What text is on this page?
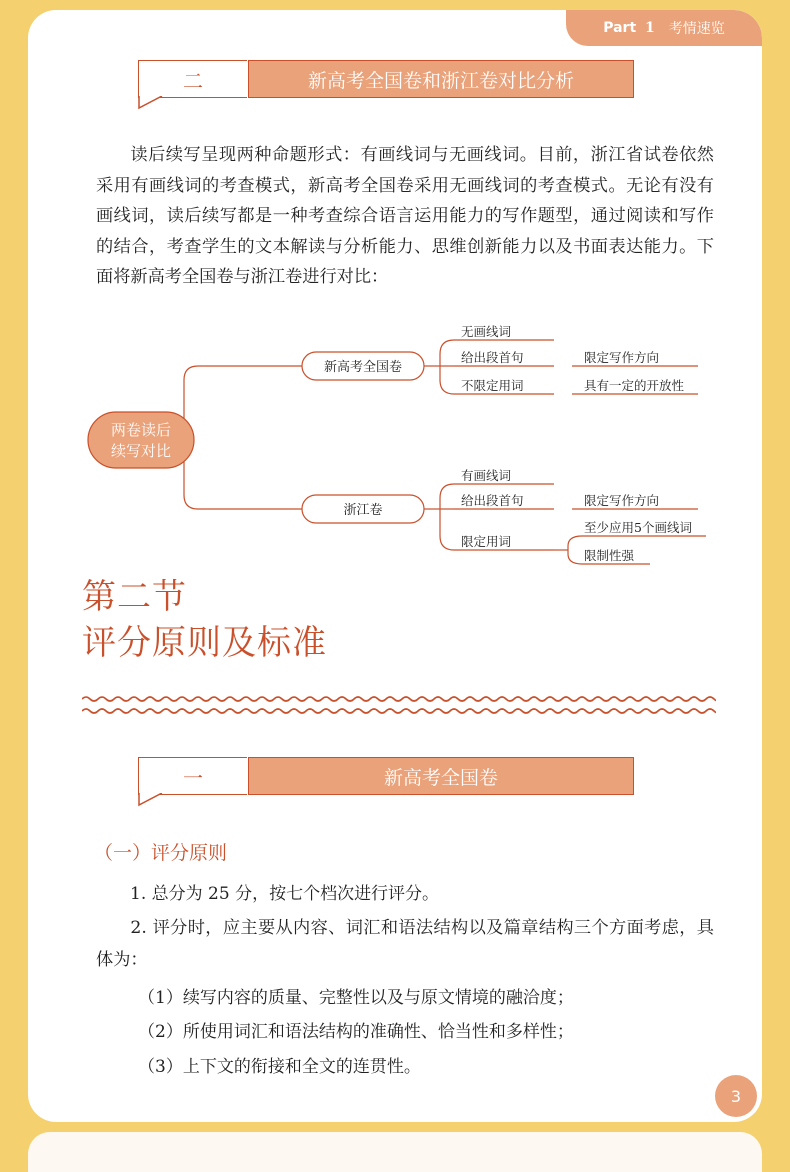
Part 1 考情速览
二	新高考全国卷和浙江卷对比分析
读后续写呈现两种命题形式：有画线词与无画线词。目前，浙江省试卷依然采用有画线词的考查模式，新高考全国卷采用无画线词的考查模式。无论有没有画线词，读后续写都是一种考查综合语言运用能力的写作题型，通过阅读和写作的结合，考查学生的文本解读与分析能力、思维创新能力以及书面表达能力。下面将新高考全国卷与浙江卷进行对比：
两卷读后
续写对比
新高考全国卷
浙江卷
无画线词
给出段首句
不限定用词
限定写作方向
具有一定的开放性
有画线词
给出段首句
限定用词
限定写作方向
至少应用5个画线词
限制性强
第二节
评分原则及标准
一	新高考全国卷
（一）评分原则
1. 总分为 25 分，按七个档次进行评分。
2. 评分时，应主要从内容、词汇和语法结构以及篇章结构三个方面考虑，具体为：
（1）续写内容的质量、完整性以及与原文情境的融洽度；
（2）所使用词汇和语法结构的准确性、恰当性和多样性；
（3）上下文的衔接和全文的连贯性。
3
